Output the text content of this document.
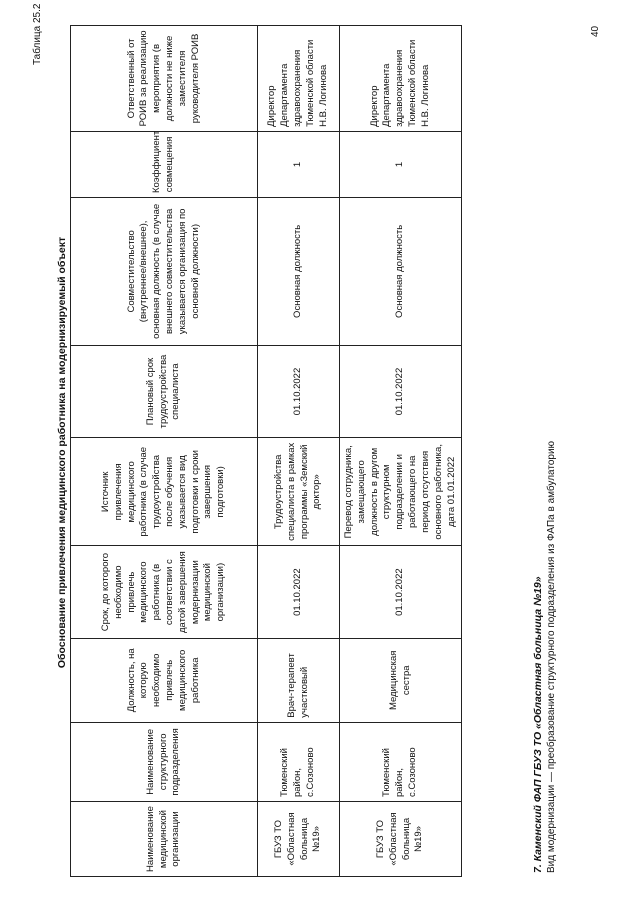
Таблица 25.2
Обоснование привлечения медицинского работника на модернизируемый объект
Наименование медицинской организации	Наименование структурного подразделения	Должность, на которую необходимо привлечь медицинского работника	Срок, до которого необходимо привлечь медицинского работника (в соответствии с датой завершения модернизации медицинской организации)	Источник привлечения медицинского работника (в случае трудоустройства после обучения указывается вид подготовки и сроки завершения подготовки)	Плановый срок трудоустройства специалиста	Совместительство (внутреннее/внешнее), основная должность (в случае внешнего совместительства указывается организация по основной должности)	Коэффициент совмещения	Ответственный от РОИВ за реализацию мероприятия (в должности не ниже заместителя руководителя РОИВ
ГБУЗ ТО «Областная больница №19»	Тюменский район, с.Созоново	Врач-терапевт участковый	01.10.2022	Трудоустройства специалиста в рамках программы «Земский доктор»	01.10.2022	Основная должность	1	Директор Департамента здравоохранения Тюменской области Н.В. Логинова
ГБУЗ ТО «Областная больница №19»	Тюменский район, с.Созоново	Медицинская сестра	01.10.2022	Перевод сотрудника, замещающего должность в другом структурном подразделении и работающего на период отсутствия основного работника, дата 01.01.2022	01.10.2022	Основная должность	1	Директор Департамента здравоохранения Тюменской области Н.В. Логинова
7. Каменский ФАП ГБУЗ ТО «Областная больница №19» Вид модернизации — преобразование структурного подразделения из ФАПа в амбулаторию
40
